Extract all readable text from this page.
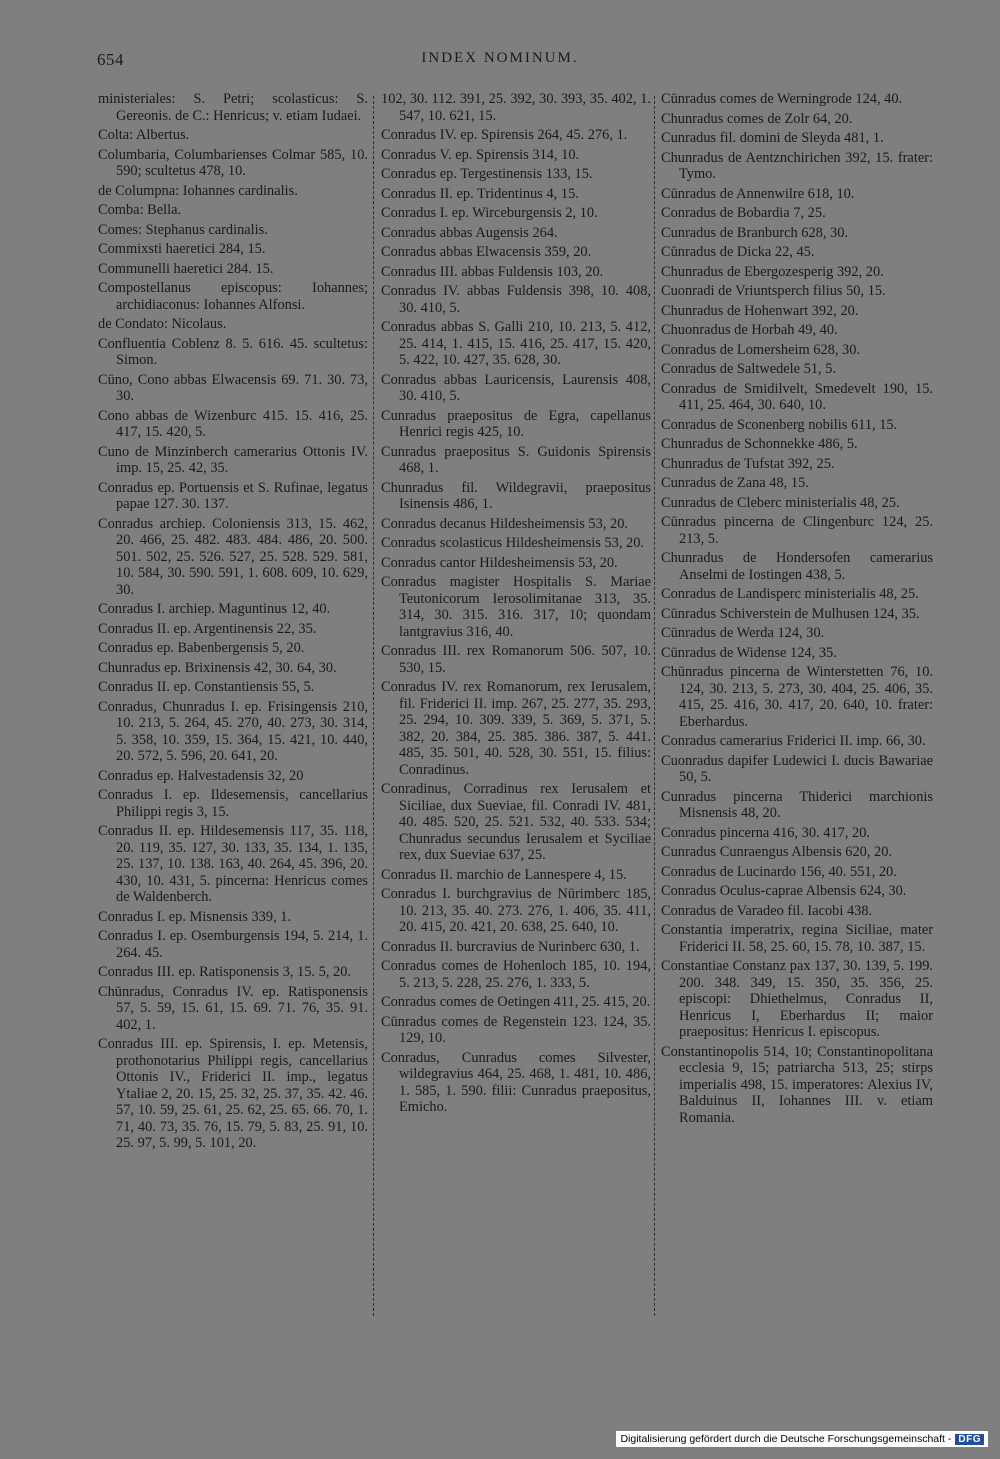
654	INDEX NOMINUM.

ministeriales: S. Petri; scolasticus: S. Gereonis. de C.: Henricus; v. etiam Iudaei.

Colta: Albertus.

Columbaria, Columbarienses Colmar 585, 10. 590; scultetus 478, 10.

de Columpna: Iohannes cardinalis.

Comba: Bella.

Comes: Stephanus cardinalis.

Commixsti haeretici 284, 15.

Communelli haeretici 284. 15.

Compostellanus episcopus: Iohannes; archidiaconus: Iohannes Alfonsi.

de Condato: Nicolaus.

Confluentia Coblenz 8. 5. 616. 45. scultetus: Simon.

Cūno, Cono abbas Elwacensis 69. 71. 30. 73, 30.

Cono abbas de Wizenburc 415. 15. 416, 25. 417, 15. 420, 5.

Cuno de Minzinberch camerarius Ottonis IV. imp. 15, 25. 42, 35.

Conradus ep. Portuensis et S. Rufinae, legatus papae 127. 30. 137.

Conradus archiep. Coloniensis 313, 15. 462, 20. 466, 25. 482. 483. 484. 486, 20. 500. 501. 502, 25. 526. 527, 25. 528. 529. 581, 10. 584, 30. 590. 591, 1. 608. 609, 10. 629, 30.

Conradus I. archiep. Maguntinus 12, 40.

Conradus II. ep. Argentinensis 22, 35.

Conradus ep. Babenbergensis 5, 20.

Chunradus ep. Brixinensis 42, 30. 64, 30.

Conradus II. ep. Constantiensis 55, 5.

Conradus, Chunradus I. ep. Frisingensis 210, 10. 213, 5. 264, 45. 270, 40. 273, 30. 314, 5. 358, 10. 359, 15. 364, 15. 421, 10. 440, 20. 572, 5. 596, 20. 641, 20.

Conradus ep. Halvestadensis 32, 20

Conradus I. ep. Ildesemensis, cancellarius Philippi regis 3, 15.

Conradus II. ep. Hildesemensis 117, 35. 118, 20. 119, 35. 127, 30. 133, 35. 134, 1. 135, 25. 137, 10. 138. 163, 40. 264, 45. 396, 20. 430, 10. 431, 5. pincerna: Henricus comes de Waldenberch.

Conradus I. ep. Misnensis 339, 1.

Conradus I. ep. Osemburgensis 194, 5. 214, 1. 264. 45.

Conradus III. ep. Ratisponensis 3, 15. 5, 20.

Chūnradus, Conradus IV. ep. Ratisponensis 57, 5. 59, 15. 61, 15. 69. 71. 76, 35. 91. 402, 1.

Conradus III. ep. Spirensis, I. ep. Metensis, prothonotarius Philippi regis, cancellarius Ottonis IV., Friderici II. imp., legatus Ytaliae 2, 20. 15, 25. 32, 25. 37, 35. 42. 46. 57, 10. 59, 25. 61, 25. 62, 25. 65. 66. 70, 1. 71, 40. 73, 35. 76, 15. 79, 5. 83, 25. 91, 10. 25. 97, 5. 99, 5. 101, 20.

102, 30. 112. 391, 25. 392, 30. 393, 35. 402, 1. 547, 10. 621, 15.

Conradus IV. ep. Spirensis 264, 45. 276, 1.

Conradus V. ep. Spirensis 314, 10.

Conradus ep. Tergestinensis 133, 15.

Conradus II. ep. Tridentinus 4, 15.

Conradus I. ep. Wirceburgensis 2, 10.

Conradus abbas Augensis 264.

Conradus abbas Elwacensis 359, 20.

Conradus III. abbas Fuldensis 103, 20.

Conradus IV. abbas Fuldensis 398, 10. 408, 30. 410, 5.

Conradus abbas S. Galli 210, 10. 213, 5. 412, 25. 414, 1. 415, 15. 416, 25. 417, 15. 420, 5. 422, 10. 427, 35. 628, 30.

Conradus abbas Lauricensis, Laurensis 408, 30. 410, 5.

Cunradus praepositus de Egra, capellanus Henrici regis 425, 10.

Cunradus praepositus S. Guidonis Spirensis 468, 1.

Chunradus fil. Wildegravii, praepositus Isinensis 486, 1.

Conradus decanus Hildesheimensis 53, 20.

Conradus scolasticus Hildesheimensis 53, 20.

Conradus cantor Hildesheimensis 53, 20.

Conradus magister Hospitalis S. Mariae Teutonicorum Ierosolimitanae 313, 35. 314, 30. 315. 316. 317, 10; quondam lantgravius 316, 40.

Conradus III. rex Romanorum 506. 507, 10. 530, 15.

Conradus IV. rex Romanorum, rex Ierusalem, fil. Friderici II. imp. 267, 25. 277, 35. 293, 25. 294, 10. 309. 339, 5. 369, 5. 371, 5. 382, 20. 384, 25. 385. 386. 387, 5. 441. 485, 35. 501, 40. 528, 30. 551, 15. filius: Conradinus.

Conradinus, Corradinus rex Ierusalem et Siciliae, dux Sueviae, fil. Conradi IV. 481, 40. 485. 520, 25. 521. 532, 40. 533. 534; Chunradus secundus Ierusalem et Syciliae rex, dux Sueviae 637, 25.

Conradus II. marchio de Lannespere 4, 15.

Conradus I. burchgravius de Nūrimberc 185, 10. 213, 35. 40. 273. 276, 1. 406, 35. 411, 20. 415, 20. 421, 20. 638, 25. 640, 10.

Conradus II. burcravius de Nurinberc 630, 1.

Conradus comes de Hohenloch 185, 10. 194, 5. 213, 5. 228, 25. 276, 1. 333, 5.

Conradus comes de Oetingen 411, 25. 415, 20.

Cūnradus comes de Regenstein 123. 124, 35. 129, 10.

Conradus, Cunradus comes Silvester, wildegravius 464, 25. 468, 1. 481, 10. 486, 1. 585, 1. 590. filii: Cunradus praepositus, Emicho.

Cūnradus comes de Werningrode 124, 40.

Chunradus comes de Zolr 64, 20.

Cunradus fil. domini de Sleyda 481, 1.

Chunradus de Aentznchirichen 392, 15. frater: Tymo.

Cūnradus de Annenwilre 618, 10.

Conradus de Bobardia 7, 25.

Cunradus de Branburch 628, 30.

Cūnradus de Dicka 22, 45.

Chunradus de Ebergozesperig 392, 20.

Cuonradi de Vriuntsperch filius 50, 15.

Chunradus de Hohenwart 392, 20.

Chuonradus de Horbah 49, 40.

Conradus de Lomersheim 628, 30.

Conradus de Saltwedele 51, 5.

Conradus de Smidilvelt, Smedevelt 190, 15. 411, 25. 464, 30. 640, 10.

Conradus de Sconenberg nobilis 611, 15.

Chunradus de Schonnekke 486, 5.

Chunradus de Tufstat 392, 25.

Cunradus de Zana 48, 15.

Cunradus de Cleberc ministerialis 48, 25.

Cūnradus pincerna de Clingenburc 124, 25. 213, 5.

Chunradus de Hondersofen camerarius Anselmi de Iostingen 438, 5.

Conradus de Landisperc ministerialis 48, 25.

Cūnradus Schiverstein de Mulhusen 124, 35.

Cūnradus de Werda 124, 30.

Cūnradus de Widense 124, 35.

Chūnradus pincerna de Winterstetten 76, 10. 124, 30. 213, 5. 273, 30. 404, 25. 406, 35. 415, 25. 416, 30. 417, 20. 640, 10. frater: Eberhardus.

Conradus camerarius Friderici II. imp. 66, 30.

Cuonradus dapifer Ludewici I. ducis Bawariae 50, 5.

Cunradus pincerna Thiderici marchionis Misnensis 48, 20.

Conradus pincerna 416, 30. 417, 20.

Cunradus Cunraengus Albensis 620, 20.

Conradus de Lucinardo 156, 40. 551, 20.

Conradus Oculus-caprae Albensis 624, 30.

Conradus de Varadeo fil. Iacobi 438.

Constantia imperatrix, regina Siciliae, mater Friderici II. 58, 25. 60, 15. 78, 10. 387, 15.

Constantiae Constanz pax 137, 30. 139, 5. 199. 200. 348. 349, 15. 350, 35. 356, 25. episcopi: Dhiethelmus, Conradus II, Henricus I, Eberhardus II; maior praepositus: Henricus I. episcopus.

Constantinopolis 514, 10; Constantinopolitana ecclesia 9, 15; patriarcha 513, 25; stirps imperialis 498, 15. imperatores: Alexius IV, Balduinus II, Iohannes III. v. etiam Romania.

Digitalisierung gefördert durch die Deutsche Forschungsgemeinschaft - DFG
